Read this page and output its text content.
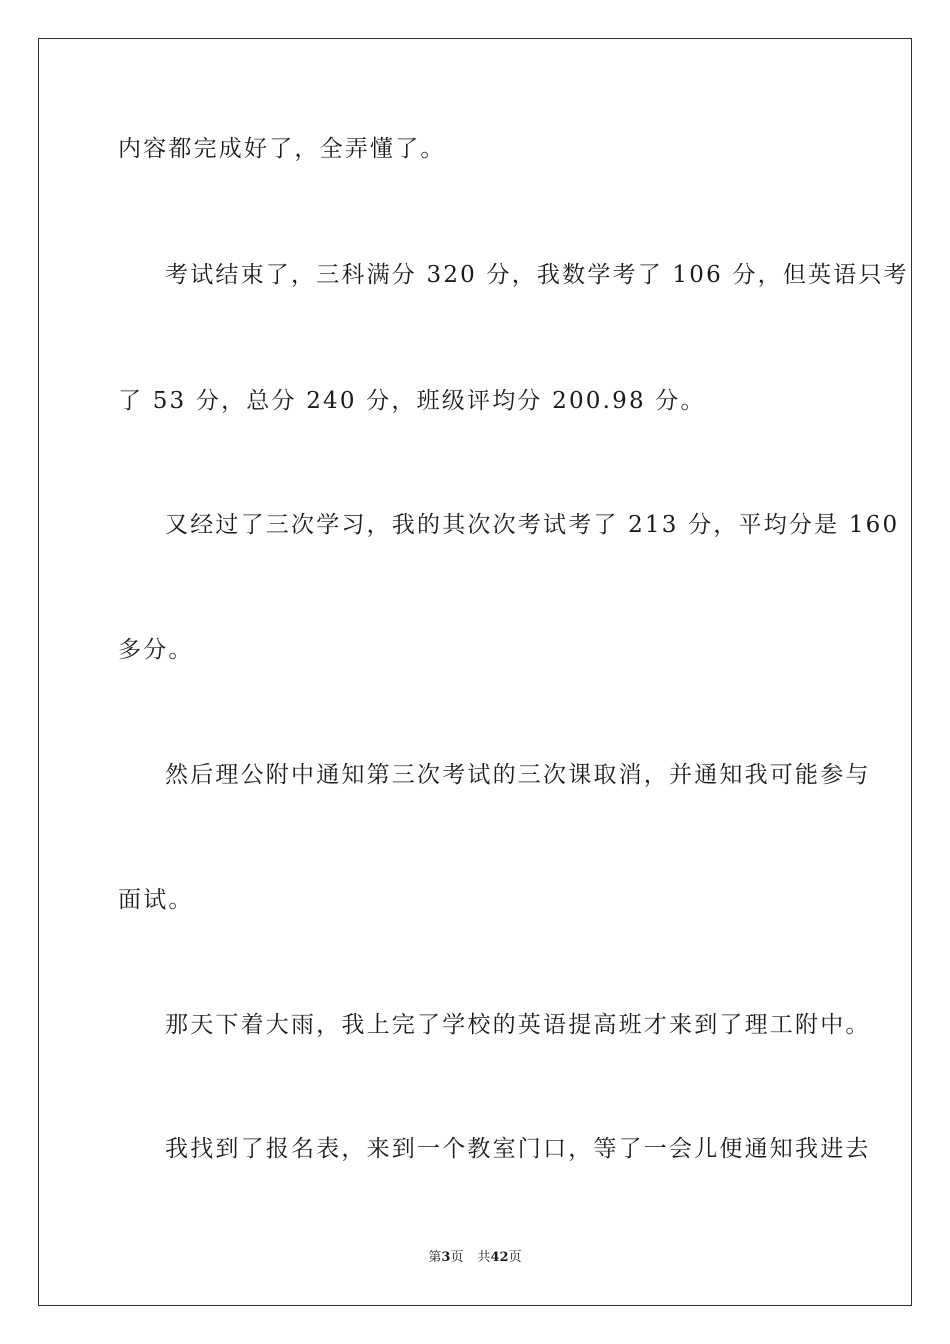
内容都完成好了，全弄懂了。
考试结束了，三科满分 320 分，我数学考了 106 分，但英语只考
了 53 分，总分 240 分，班级评均分 200.98 分。
又经过了三次学习，我的其次次考试考了 213 分，平均分是 160
多分。
然后理公附中通知第三次考试的三次课取消，并通知我可能参与
面试。
那天下着大雨，我上完了学校的英语提高班才来到了理工附中。
我找到了报名表，来到一个教室门口，等了一会儿便通知我进去
第3页 共42页
